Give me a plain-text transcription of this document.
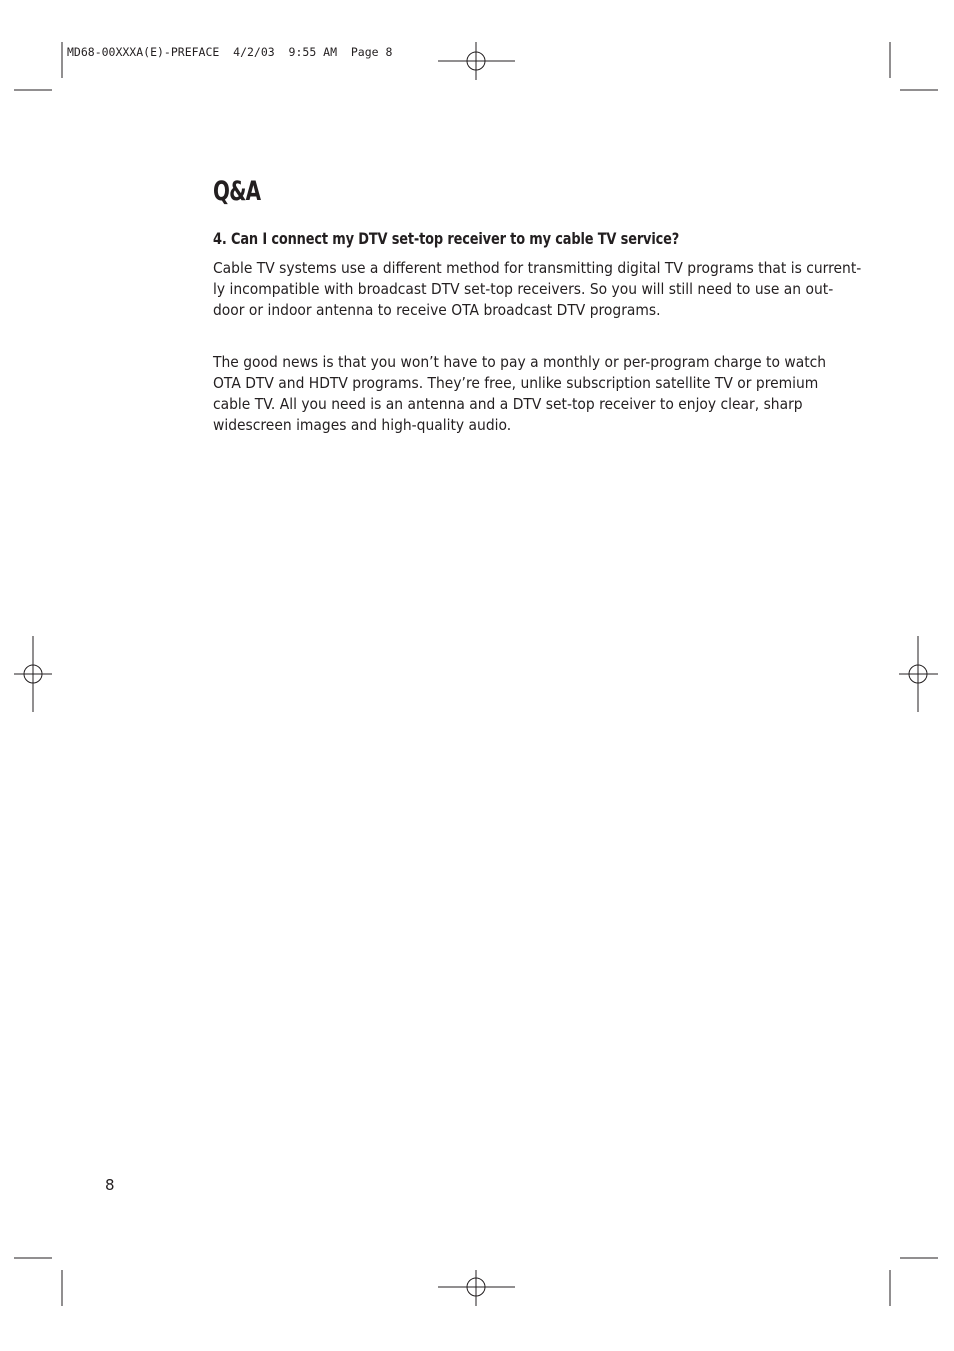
MD68-00XXXA(E)-PREFACE  4/2/03  9:55 AM  Page 8
Q&A
4. Can I connect my DTV set-top receiver to my cable TV service?

Cable TV systems use a different method for transmitting digital TV programs that is current-
ly incompatible with broadcast DTV set-top receivers. So you will still need to use an out-
door or indoor antenna to receive OTA broadcast DTV programs.

The good news is that you won’t have to pay a monthly or per-program charge to watch
OTA DTV and HDTV programs. They’re free, unlike subscription satellite TV or premium
cable TV. All you need is an antenna and a DTV set-top receiver to enjoy clear, sharp
widescreen images and high-quality audio.

8
